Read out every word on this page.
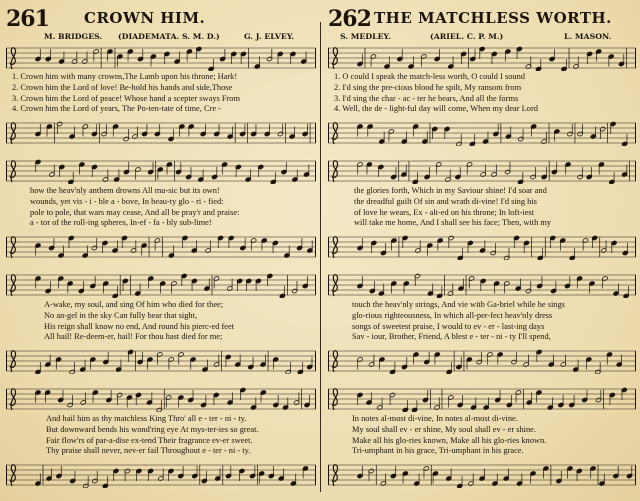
261 CROWN HIM.
M. BRIDGES. (DIADEMATA. S. M. D.)	G. J. ELVEY.
1. Crown him with many crowns,The Lamb upon his throne; Hark!
2. Crown him the Lord of love! Be-hold his hands and side,Those
3. Crown him the Lord of peace! Whose hand a scepter sways From
4. Crown him the Lord of years, The Po-ten-tate of time, Cre -
how the heav'nly anthem drowns All mu-sic but its own!
wounds, yet vis - i - ble a - bove, In beau-ty glo - ri - fied:
pole to pole, that wars may cease, And all be pray'r and praise:
a - tor of the roll-ing spheres, In-ef - fa - bly sub-lime!
A-wake, my soul, and sing Of him who died for thee;
No an-gel in the sky Can fully bear that sight,
His reign shall know no end, And round his pierc-ed feet
All hail! Re-deem-er, hail! For thou hast died for me;
And hail him as thy matchless King Thro' all e - ter - ni - ty.
But downward bends his wond'ring eye At mys-ter-ies so great.
Fair flow'rs of par-a-dise ex-tend Their fragrance ev-er sweet.
Thy praise shall never, nev-er fail Throughout e - ter - ni - ty.
262 THE MATCHLESS WORTH.
S. MEDLEY.	(ARIEL. C. P. M.)	L. MASON.
1. O could I speak the match-less worth, O could I sound
2. I'd sing the pre-cious blood he spilt, My ransom from
3. I'd sing the char - ac - ter he bears, And all the forms
4. Well, the de - light-ful day will come, When my dear Lord
the glories forth, Which in my Saviour shine! I'd soar and
the dreadful guilt Of sin and wrath di-vine! I'd sing his
of love he wears, Ex - alt-ed on his throne; In loft-iest
will take me home, And I shall see his face; Then, with my
touch the heav'nly strings, And vie with Ga-briel while he sings
glo-rious righteousness, In which all-per-fect heav'nly dress
songs of sweetest praise, I would to ev - er - last-ing days
Sav - iour, Brother, Friend, A blest e - ter - ni - ty I'll spend,
In notes al-most di-vine, In notes al-most di-vine.
My soul shall ev - er shine, My soul shall ev - er shine.
Make all his glo-ries known, Make all his glo-ries known.
Tri-umphant in his grace, Tri-umphant in his grace.
